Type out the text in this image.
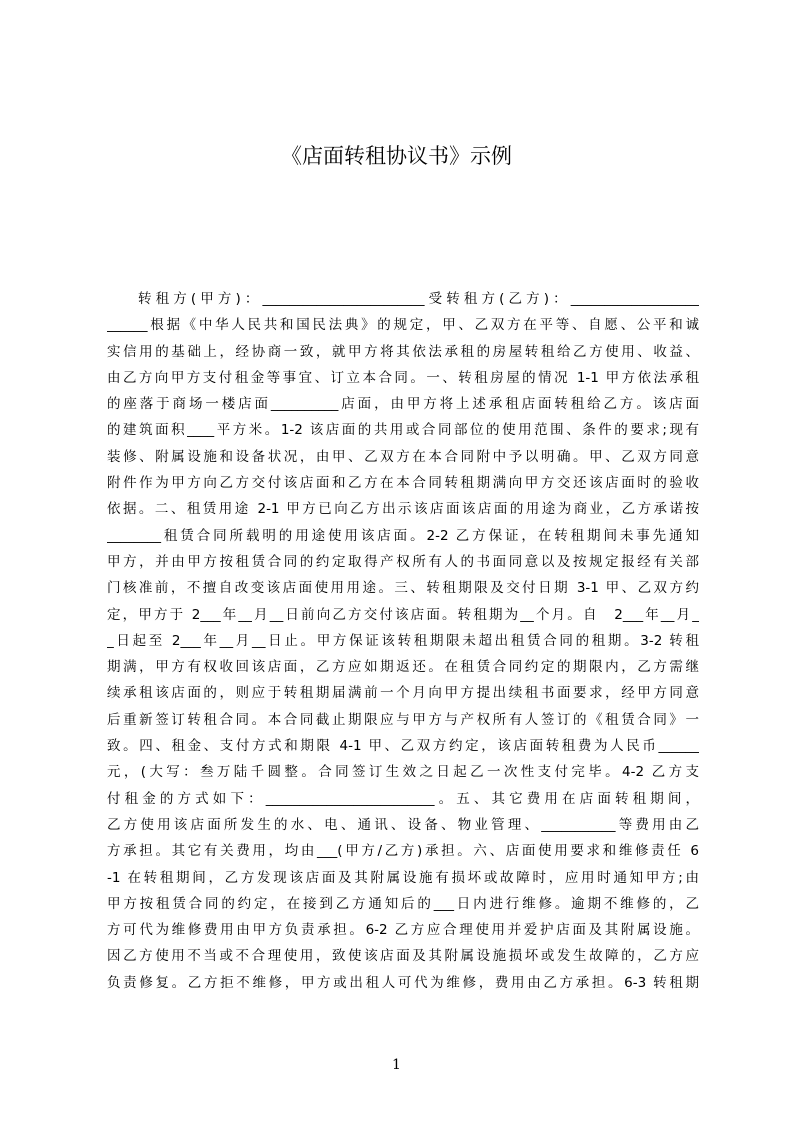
《店面转租协议书》示例
转租方(甲方)：________________________受转租方(乙方)：___________________
______根据《中华人民共和国民法典》的规定，甲、乙双方在平等、自愿、公平和诚
实信用的基础上，经协商一致，就甲方将其依法承租的房屋转租给乙方使用、收益、
由乙方向甲方支付租金等事宜、订立本合同。一、转租房屋的情况 1-1 甲方依法承租
的座落于商场一楼店面__________店面，由甲方将上述承租店面转租给乙方。该店面
的建筑面积____平方米。1-2 该店面的共用或合同部位的使用范围、条件的要求;现有
装修、附属设施和设备状况，由甲、乙双方在本合同附中予以明确。甲、乙双方同意
附件作为甲方向乙方交付该店面和乙方在本合同转租期满向甲方交还该店面时的验收
依据。二、租赁用途 2-1 甲方已向乙方出示该店面该店面的用途为商业，乙方承诺按
________租赁合同所载明的用途使用该店面。2-2 乙方保证，在转租期间未事先通知
甲方，并由甲方按租赁合同的约定取得产权所有人的书面同意以及按规定报经有关部
门核准前，不擅自改变该店面使用用途。三、转租期限及交付日期 3-1 甲、乙双方约
定，甲方于 2___年__月__日前向乙方交付该店面。转租期为__个月。自　2___年__月_
_日起至 2___年__月__日止。甲方保证该转租期限未超出租赁合同的租期。3-2 转租
期满，甲方有权收回该店面，乙方应如期返还。在租赁合同约定的期限内，乙方需继
续承租该店面的，则应于转租期届满前一个月向甲方提出续租书面要求，经甲方同意
后重新签订转租合同。本合同截止期限应与甲方与产权所有人签订的《租赁合同》一
致。四、租金、支付方式和期限 4-1 甲、乙双方约定，该店面转租费为人民币______
元，(大写：叁万陆千圆整。合同签订生效之日起乙一次性支付完毕。4-2 乙方支
付租金的方式如下：_________________________。五、其它费用在店面转租期间，
乙方使用该店面所发生的水、电、通讯、设备、物业管理、___________等费用由乙
方承担。其它有关费用，均由___(甲方/乙方)承担。六、店面使用要求和维修责任 6
-1 在转租期间，乙方发现该店面及其附属设施有损坏或故障时，应用时通知甲方;由
甲方按租赁合同的约定，在接到乙方通知后的___日内进行维修。逾期不维修的，乙
方可代为维修费用由甲方负责承担。6-2 乙方应合理使用并爱护店面及其附属设施。
因乙方使用不当或不合理使用，致使该店面及其附属设施损坏或发生故障的，乙方应
负责修复。乙方拒不维修，甲方或出租人可代为维修，费用由乙方承担。6-3 转租期
1
